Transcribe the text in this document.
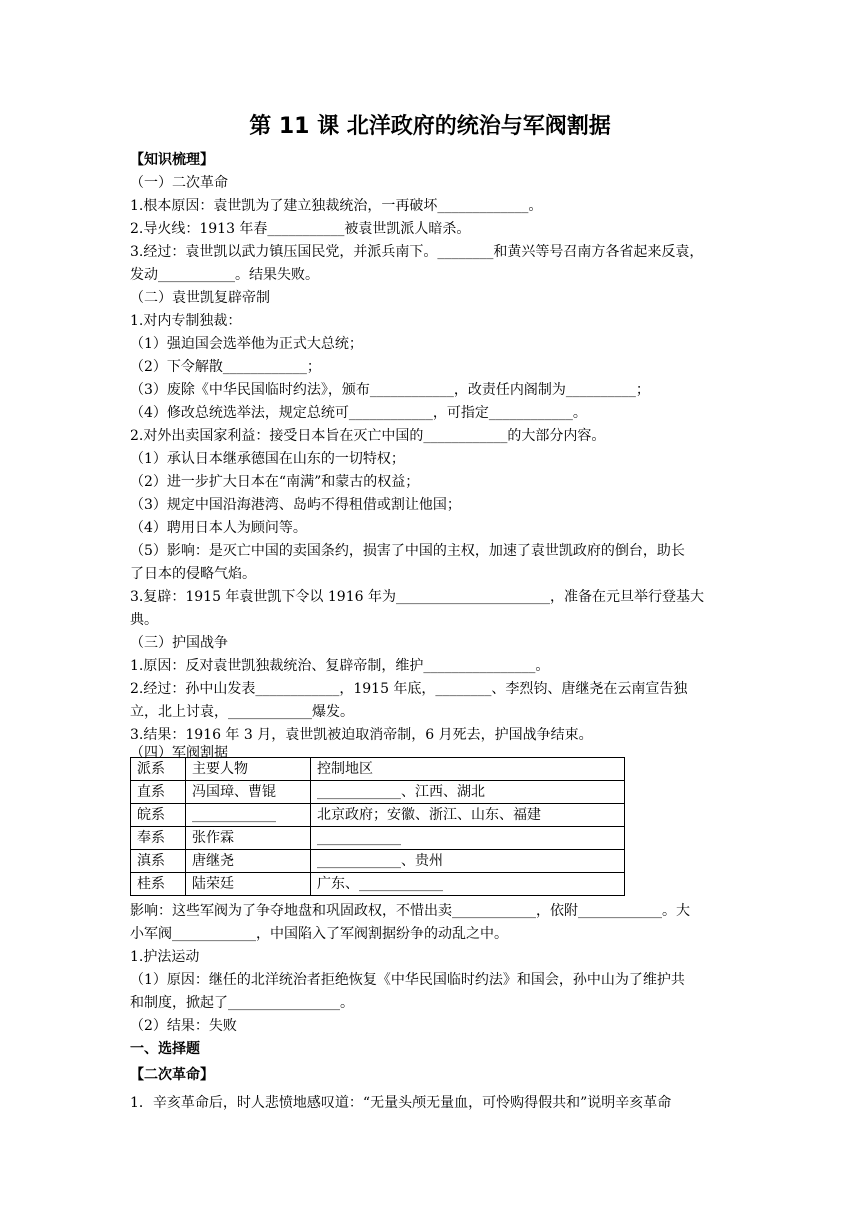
第 11 课 北洋政府的统治与军阀割据
【知识梳理】
（一）二次革命
1.根本原因：袁世凯为了建立独裁统治，一再破坏_____________。
2.导火线：1913 年春___________被袁世凯派人暗杀。
3.经过：袁世凯以武力镇压国民党，并派兵南下。________和黄兴等号召南方各省起来反袁，
发动___________。结果失败。
（二）袁世凯复辟帝制
1.对内专制独裁：
（1）强迫国会选举他为正式大总统；
（2）下令解散____________；
（3）废除《中华民国临时约法》，颁布____________，改责任内阁制为__________；
（4）修改总统选举法，规定总统可____________，可指定____________。
2.对外出卖国家利益：接受日本旨在灭亡中国的____________的大部分内容。
（1）承认日本继承德国在山东的一切特权；
（2）进一步扩大日本在“南满”和蒙古的权益；
（3）规定中国沿海港湾、岛屿不得租借或割让他国；
（4）聘用日本人为顾问等。
（5）影响：是灭亡中国的卖国条约，损害了中国的主权，加速了袁世凯政府的倒台，助长
了日本的侵略气焰。
3.复辟：1915 年袁世凯下令以 1916 年为______________________，准备在元旦举行登基大
典。
（三）护国战争
1.原因：反对袁世凯独裁统治、复辟帝制，维护________________。
2.经过：孙中山发表____________，1915 年底，________、李烈钧、唐继尧在云南宣告独
立，北上讨袁，____________爆发。
3.结果：1916 年 3 月，袁世凯被迫取消帝制，6 月死去，护国战争结束。
（四）军阀割据
派系	主要人物	控制地区
直系	冯国璋、曹锟	____________、江西、湖北
皖系	____________	北京政府；安徽、浙江、山东、福建
奉系	张作霖	____________
滇系	唐继尧	____________、贵州
桂系	陆荣廷	广东、____________
影响：这些军阀为了争夺地盘和巩固政权，不惜出卖____________，依附____________。大
小军阀____________，中国陷入了军阀割据纷争的动乱之中。
1.护法运动
（1）原因：继任的北洋统治者拒绝恢复《中华民国临时约法》和国会，孙中山为了维护共
和制度，掀起了________________。
（2）结果：失败
一、选择题
【二次革命】
1．辛亥革命后，时人悲愤地感叹道：“无量头颅无量血，可怜购得假共和”说明辛亥革命
